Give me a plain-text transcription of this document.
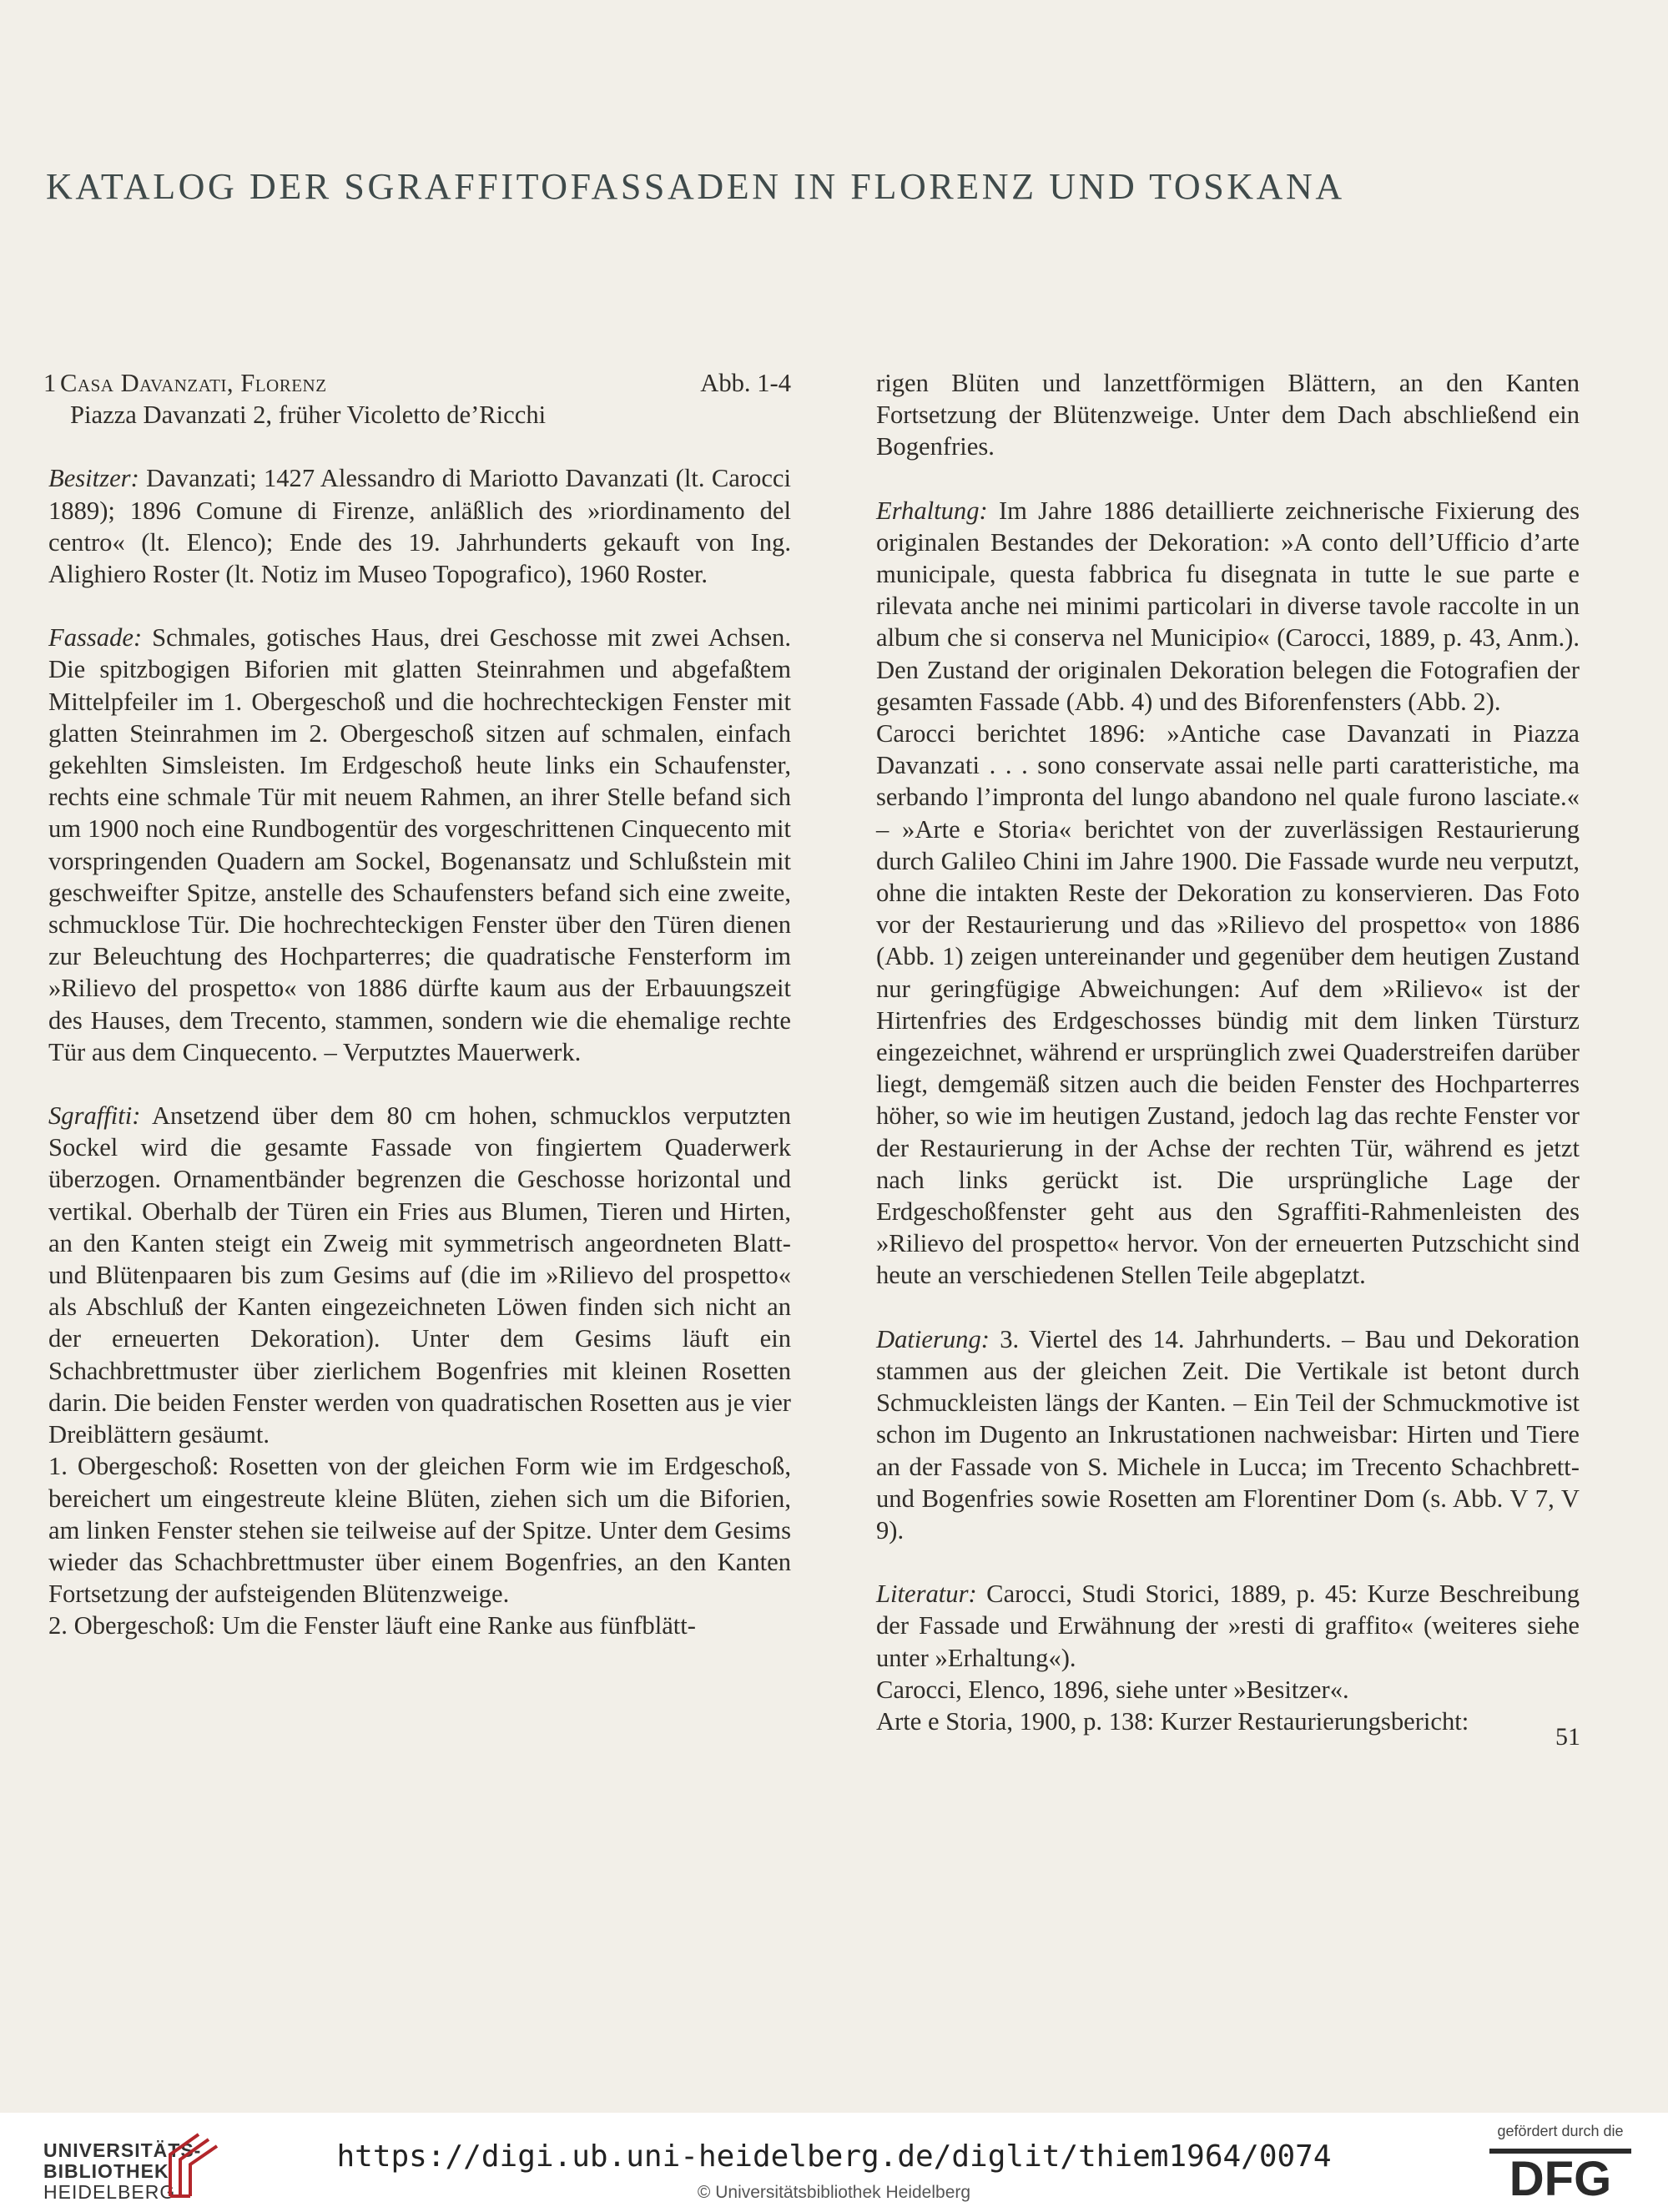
KATALOG DER SGRAFFITOFASSADEN IN FLORENZ UND TOSKANA
1 Casa Davanzati, Florenz	Abb. 1-4

Piazza Davanzati 2, früher Vicoletto de’Ricchi

Besitzer: Davanzati; 1427 Alessandro di Mariotto Davanzati (lt. Carocci 1889); 1896 Comune di Firenze, anläßlich des »riordinamento del centro« (lt. Elenco); Ende des 19. Jahrhunderts gekauft von Ing. Alighiero Roster (lt. Notiz im Museo Topografico), 1960 Roster.

Fassade: Schmales, gotisches Haus, drei Geschosse mit zwei Achsen. Die spitzbogigen Biforien mit glatten Steinrahmen und abgefaßtem Mittelpfeiler im 1. Obergeschoß und die hochrechteckigen Fenster mit glatten Steinrahmen im 2. Obergeschoß sitzen auf schmalen, einfach gekehlten Simsleisten. Im Erdgeschoß heute links ein Schaufenster, rechts eine schmale Tür mit neuem Rahmen, an ihrer Stelle befand sich um 1900 noch eine Rundbogentür des vorgeschrittenen Cinquecento mit vorspringenden Quadern am Sockel, Bogenansatz und Schlußstein mit geschweifter Spitze, anstelle des Schaufensters befand sich eine zweite, schmucklose Tür. Die hochrechteckigen Fenster über den Türen dienen zur Beleuchtung des Hochparterres; die quadratische Fensterform im »Rilievo del prospetto« von 1886 dürfte kaum aus der Erbauungszeit des Hauses, dem Trecento, stammen, sondern wie die ehemalige rechte Tür aus dem Cinquecento. – Verputztes Mauerwerk.

Sgraffiti: Ansetzend über dem 80 cm hohen, schmucklos verputzten Sockel wird die gesamte Fassade von fingiertem Quaderwerk überzogen. Ornamentbänder begrenzen die Geschosse horizontal und vertikal. Oberhalb der Türen ein Fries aus Blumen, Tieren und Hirten, an den Kanten steigt ein Zweig mit symmetrisch angeordneten Blatt- und Blütenpaaren bis zum Gesims auf (die im »Rilievo del prospetto« als Abschluß der Kanten eingezeichneten Löwen finden sich nicht an der erneuerten Dekoration). Unter dem Gesims läuft ein Schachbrettmuster über zierlichem Bogenfries mit kleinen Rosetten darin. Die beiden Fenster werden von quadratischen Rosetten aus je vier Dreiblättern gesäumt.

1. Obergeschoß: Rosetten von der gleichen Form wie im Erdgeschoß, bereichert um eingestreute kleine Blüten, ziehen sich um die Biforien, am linken Fenster stehen sie teilweise auf der Spitze. Unter dem Gesims wieder das Schachbrettmuster über einem Bogenfries, an den Kanten Fortsetzung der aufsteigenden Blütenzweige.

2. Obergeschoß: Um die Fenster läuft eine Ranke aus fünfblätt-

rigen Blüten und lanzettförmigen Blättern, an den Kanten Fortsetzung der Blütenzweige. Unter dem Dach abschließend ein Bogenfries.

Erhaltung: Im Jahre 1886 detaillierte zeichnerische Fixierung des originalen Bestandes der Dekoration: »A conto dell’Ufficio d’arte municipale, questa fabbrica fu disegnata in tutte le sue parte e rilevata anche nei minimi particolari in diverse tavole raccolte in un album che si conserva nel Municipio« (Carocci, 1889, p. 43, Anm.). Den Zustand der originalen Dekoration belegen die Fotografien der gesamten Fassade (Abb. 4) und des Biforenfensters (Abb. 2).

Carocci berichtet 1896: »Antiche case Davanzati in Piazza Davanzati . . . sono conservate assai nelle parti caratteristiche, ma serbando l’impronta del lungo abandono nel quale furono lasciate.« – »Arte e Storia« berichtet von der zuverlässigen Restaurierung durch Galileo Chini im Jahre 1900. Die Fassade wurde neu verputzt, ohne die intakten Reste der Dekoration zu konservieren. Das Foto vor der Restaurierung und das »Rilievo del prospetto« von 1886 (Abb. 1) zeigen untereinander und gegenüber dem heutigen Zustand nur geringfügige Abweichungen: Auf dem »Rilievo« ist der Hirtenfries des Erdgeschosses bündig mit dem linken Türsturz eingezeichnet, während er ursprünglich zwei Quaderstreifen darüber liegt, demgemäß sitzen auch die beiden Fenster des Hochparterres höher, so wie im heutigen Zustand, jedoch lag das rechte Fenster vor der Restaurierung in der Achse der rechten Tür, während es jetzt nach links gerückt ist. Die ursprüngliche Lage der Erdgeschoßfenster geht aus den Sgraffiti-Rahmenleisten des »Rilievo del prospetto« hervor. Von der erneuerten Putzschicht sind heute an verschiedenen Stellen Teile abgeplatzt.

Datierung: 3. Viertel des 14. Jahrhunderts. – Bau und Dekoration stammen aus der gleichen Zeit. Die Vertikale ist betont durch Schmuckleisten längs der Kanten. – Ein Teil der Schmuckmotive ist schon im Dugento an Inkrustationen nachweisbar: Hirten und Tiere an der Fassade von S. Michele in Lucca; im Trecento Schachbrett- und Bogenfries sowie Rosetten am Florentiner Dom (s. Abb. V 7, V 9).

Literatur: Carocci, Studi Storici, 1889, p. 45: Kurze Beschreibung der Fassade und Erwähnung der »resti di graffito« (weiteres siehe unter »Erhaltung«).

Carocci, Elenco, 1896, siehe unter »Besitzer«.

Arte e Storia, 1900, p. 138: Kurzer Restaurierungsbericht:

51
UNIVERSITÄTS-
BIBLIOTHEK
HEIDELBERG
https://digi.ub.uni-heidelberg.de/diglit/thiem1964/0074
© Universitätsbibliothek Heidelberg
gefördert durch die
DFG
